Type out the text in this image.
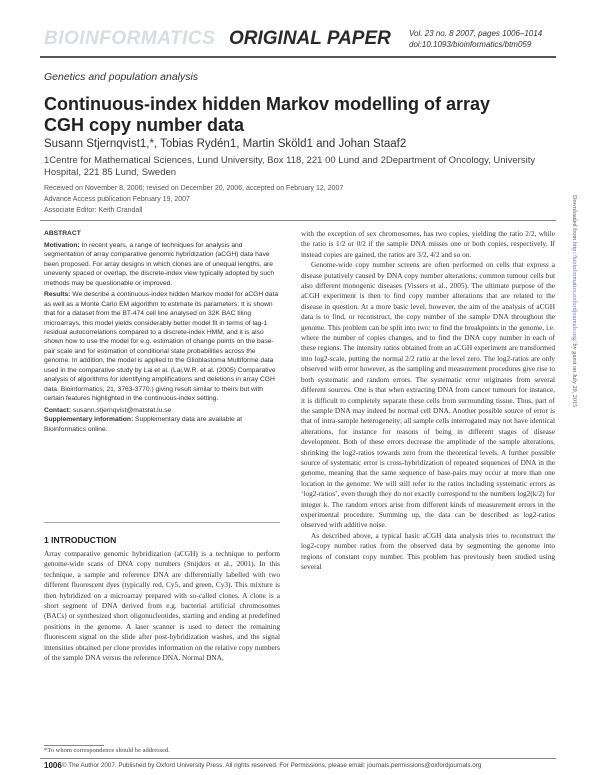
BIOINFORMATICS ORIGINAL PAPER Vol. 23 no. 8 2007, pages 1006–1014
doi:10.1093/bioinformatics/btm059
Genetics and population analysis
Continuous-index hidden Markov modelling of array CGH copy number data
Susann Stjernqvist1,*, Tobias Rydén1, Martin Sköld1 and Johan Staaf2
1Centre for Mathematical Sciences, Lund University, Box 118, 221 00 Lund and 2Department of Oncology, University Hospital, 221 85 Lund, Sweden
Received on November 8, 2006; revised on December 20, 2006; accepted on February 12, 2007
Advance Access publication February 19, 2007
Associate Editor: Keith Crandall

ABSTRACT

Motivation: In recent years, a range of techniques for analysis and segmentation of array comparative genomic hybridization (aCGH) data have been proposed. For array designs in which clones are of unequal lengths, are unevenly spaced or overlap, the discrete-index view typically adopted by such methods may be questionable or improved.

Results: We describe a continuous-index hidden Markov model for aCGH data as well as a Monte Carlo EM algorithm to estimate its parameters. It is shown that for a dataset from the BT-474 cell line analysed on 32K BAC tiling microarrays, this model yields considerably better model fit in terms of lag-1 residual autocorrelations compared to a discrete-index HMM, and it is also shown how to use the model for e.g. estimation of change points on the base-pair scale and for estimation of conditional state probabilities across the genome. In addition, the model is applied to the Glioblastoma Multiforme data used in the comparative study by Lai et al. (Lai,W.R. et al. (2005) Comparative analysis of algorithms for identifying amplifications and deletions in array CGH data. Bioinformatics, 21, 3763-3770.) giving result similar to theirs but with certain features highlighted in the continuous-index setting.

Contact: susann.stjernqvist@matstat.lu.se

Supplementary information: Supplementary data are available at Bioinformatics online.

1 INTRODUCTION

Array comparative genomic hybridization (aCGH) is a technique to perform genome-wide scans of DNA copy numbers (Snijders et al., 2001). In this technique, a sample and reference DNA are differentially labelled with two different fluorescent dyes (typically red, Cy5, and green, Cy3). This mixture is then hybridized on a microarray prepared with so-called clones. A clone is a short segment of DNA derived from e.g. bacterial artificial chromosomes (BACs) or synthesized short oligonucleotides, starting and ending at predefined positions in the genome. A laser scanner is used to detect the remaining fluorescent signal on the slide after post-hybridization washes, and the signal intensities obtained per clone provides information on the relative copy numbers of the sample DNA versus the reference DNA. Normal DNA,

*To whom correspondence should be addressed.

with the exception of sex chromosomes, has two copies, yielding the ratio 2/2, while the ratio is 1/2 or 0/2 if the sample DNA misses one or both copies, respectively. If instead copies are gained, the ratios are 3/2, 4/2 and so on.

Genome-wide copy number screens are often performed on cells that express a disease putatively caused by DNA copy number alterations; common tumour cells but also different monogenic diseases (Vissers et al., 2005). The ultimate purpose of the aCGH experiment is then to find copy number alterations that are related to the disease in question. At a more basic level, however, the aim of the analysis of aCGH data is to find, or reconstruct, the copy number of the sample DNA throughout the genome. This problem can be split into two: to find the breakpoints in the genome, i.e. where the number of copies changes, and to find the DNA copy number in each of these regions. The intensity ratios obtained from an aCGH experiment are transformed into log2-scale, putting the normal 2/2 ratio at the level zero. The log2-ratios are only observed with error however, as the sampling and measurement procedures give rise to both systematic and random errors. The systematic error originates from several different sources. One is that when extracting DNA from cancer tumours for instance, it is difficult to completely separate these cells from surrounding tissue. Thus, part of the sample DNA may indeed be normal cell DNA. Another possible source of error is that of intra-sample heterogeneity; all sample cells interrogated may not have identical alterations, for instance for reasons of being in different stages of disease development. Both of these errors decrease the amplitude of the sample alterations, shrinking the log2-ratios towards zero from the theoretical levels. A further possible source of systematic error is cross-hybridization of repeated sequences of DNA in the genome, meaning that the same sequence of base-pairs may occur at more than one location in the genome. We will still refer to the ratios including systematic errors as ‘log2-ratios’, even though they do not exactly correspond to the numbers log2(k/2) for integer k. The random errors arise from different kinds of measurement errors in the experimental procedure. Summing up, the data can be described as log2-ratios observed with additive noise.

As described above, a typical basic aCGH data analysis tries to reconstruct the log2-copy number ratios from the observed data by segmenting the genome into regions of constant copy number. This problem has previously been studied using several

1006 © The Author 2007. Published by Oxford University Press. All rights reserved. For Permissions, please email: journals.permissions@oxfordjournals.org
Downloaded from http://bioinformatics.oxfordjournals.org/ by guest on July 29, 2015
